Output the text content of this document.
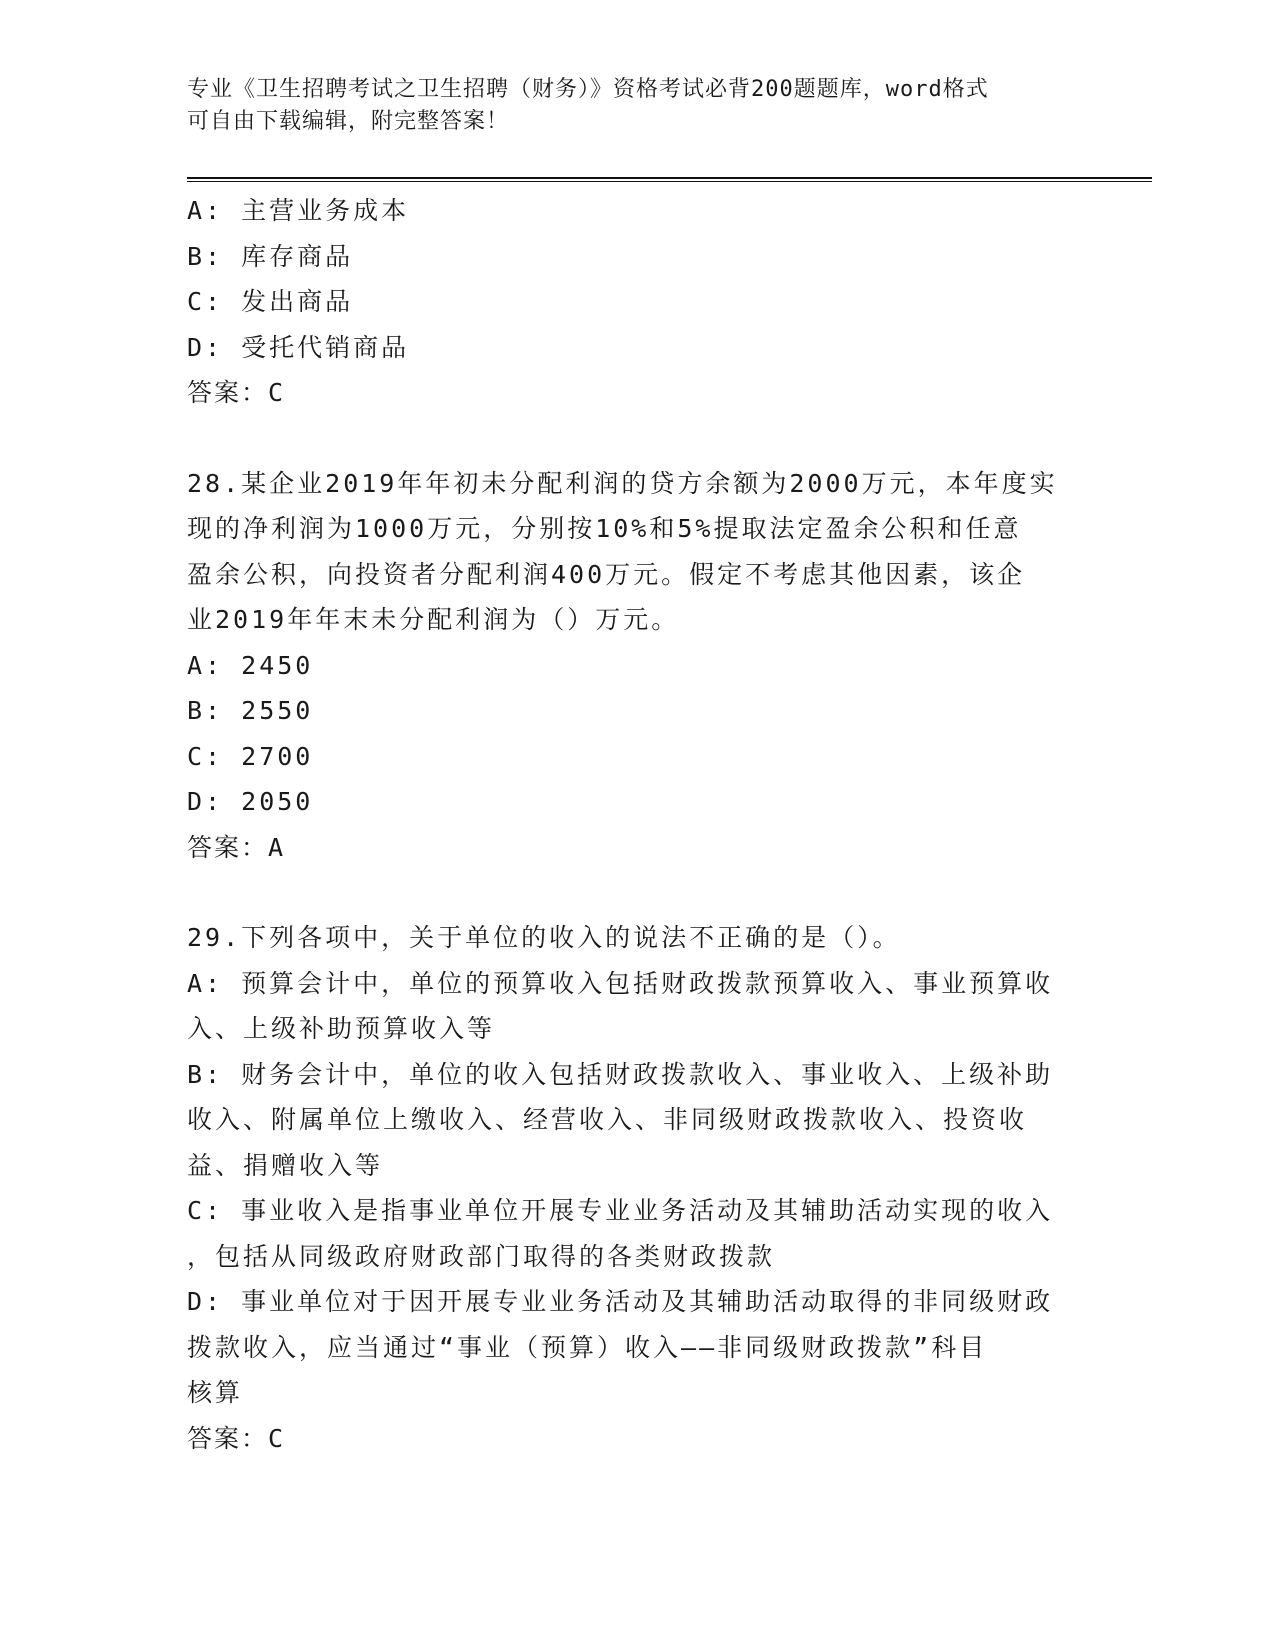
专业《卫生招聘考试之卫生招聘（财务）》资格考试必背200题题库，word格式

可自由下载编辑，附完整答案！

A: 主营业务成本

B: 库存商品

C: 发出商品

D: 受托代销商品

答案：C

28.某企业2019年年初未分配利润的贷方余额为2000万元，本年度实

现的净利润为1000万元，分别按10%和5%提取法定盈余公积和任意

盈余公积，向投资者分配利润400万元。假定不考虑其他因素，该企

业2019年年末未分配利润为（）万元。

A: 2450

B: 2550

C: 2700

D: 2050

答案：A

29.下列各项中，关于单位的收入的说法不正确的是（）。

A: 预算会计中，单位的预算收入包括财政拨款预算收入、事业预算收

入、上级补助预算收入等

B: 财务会计中，单位的收入包括财政拨款收入、事业收入、上级补助

收入、附属单位上缴收入、经营收入、非同级财政拨款收入、投资收

益、捐赠收入等

C: 事业收入是指事业单位开展专业业务活动及其辅助活动实现的收入

，包括从同级政府财政部门取得的各类财政拨款

D: 事业单位对于因开展专业业务活动及其辅助活动取得的非同级财政

拨款收入，应当通过“事业（预算）收入——非同级财政拨款”科目

核算

答案：C
